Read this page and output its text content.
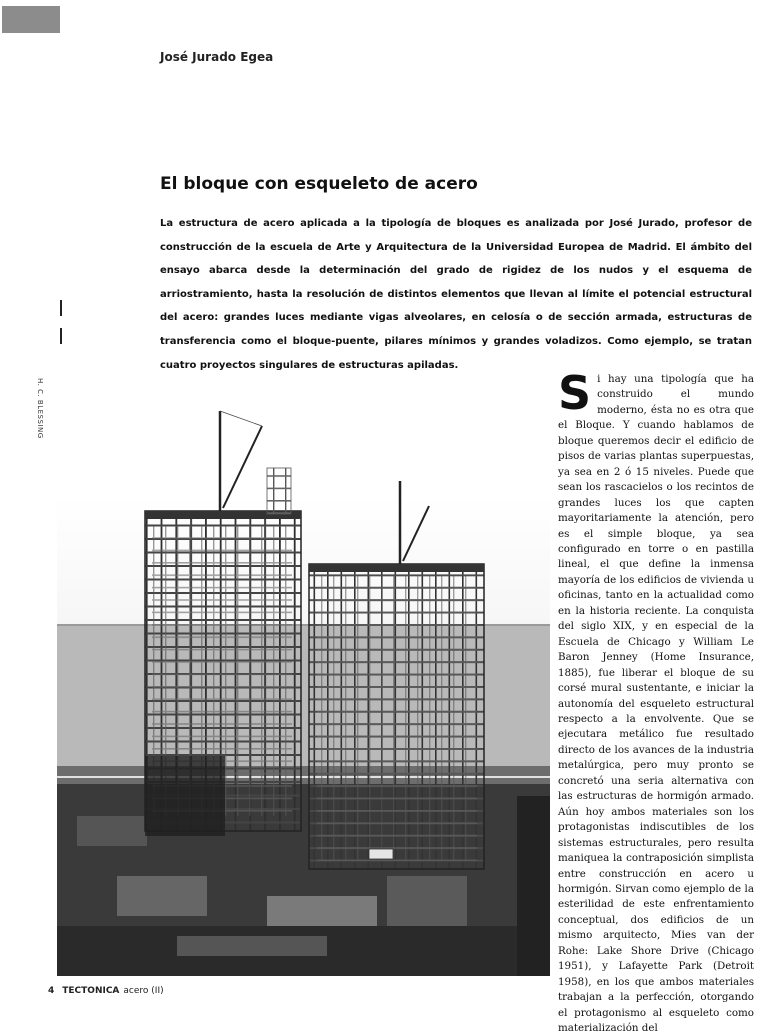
José Jurado Egea
El bloque con esqueleto de acero

La estructura de acero aplicada a la tipología de bloques es analizada por José Jurado, profesor de construcción de la escuela de Arte y Arquitectura de la Universidad Europea de Madrid. El ámbito del ensayo abarca desde la determinación del grado de rigidez de los nudos y el esquema de arriostramiento, hasta la resolución de distintos elementos que llevan al límite el potencial estructural del acero: grandes luces mediante vigas alveolares, en celosía o de sección armada, estructuras de transferencia como el bloque-puente, pilares mínimos y grandes voladizos. Como ejemplo, se tratan cuatro proyectos singulares de estructuras apiladas.

H. C. BLESSING	Si hay una tipología que ha construido el mundo moderno, ésta no es otra que el Bloque. Y cuando hablamos de bloque queremos decir el edificio de pisos de varias plantas superpuestas, ya sea en 2 ó 15 niveles. Puede que sean los rascacielos o los recintos de grandes luces los que capten mayoritariamente la atención, pero es el simple bloque, ya sea configurado en torre o en pastilla lineal, el que define la inmensa mayoría de los edificios de vivienda u oficinas, tanto en la actualidad como en la historia reciente. La conquista del siglo XIX, y en especial de la Escuela de Chicago y William Le Baron Jenney (Home Insurance, 1885), fue liberar el bloque de su corsé mural sustentante, e iniciar la autonomía del esqueleto estructural respecto a la envolvente. Que se ejecutara metálico fue resultado directo de los avances de la industria metalúrgica, pero muy pronto se concretó una seria alternativa con las estructuras de hormigón armado. Aún hoy ambos materiales son los protagonistas indiscutibles de los sistemas estructurales, pero resulta maniquea la contraposición simplista entre construcción en acero u hormigón. Sirvan como ejemplo de la esterilidad de este enfrentamiento conceptual, dos edificios de un mismo arquitecto, Mies van der Rohe: Lake Shore Drive (Chicago 1951), y Lafayette Park (Detroit 1958), en los que ambos materiales trabajan a la perfección, otorgando el protagonismo al esqueleto como materialización del

4 TECTONICA acero (II)
